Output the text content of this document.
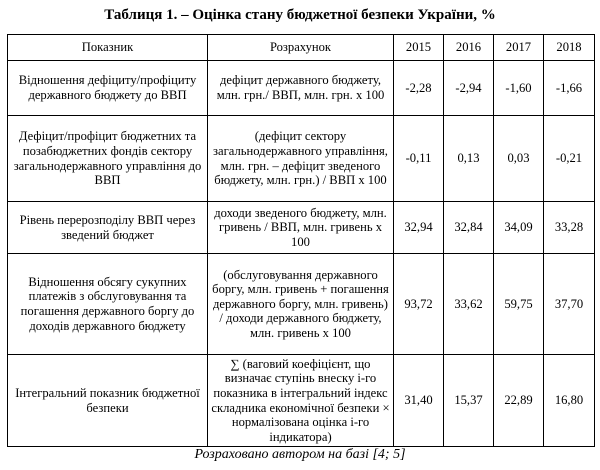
Таблиця 1. – Оцінка стану бюджетної безпеки України, %
Показник	Розрахунок	2015	2016	2017	2018
Відношення дефіциту/профіциту державного бюджету до ВВП	дефіцит державного бюджету, млн. грн./ ВВП, млн. грн. х 100	-2,28	-2,94	-1,60	-1,66
Дефіцит/профіцит бюджетних та позабюджетних фондів сектору загальнодержавного управління до ВВП	(дефіцит сектору загальнодержавного управління, млн. грн. – дефіцит зведеного бюджету, млн. грн.) / ВВП х 100	-0,11	0,13	0,03	-0,21
Рівень перерозподілу ВВП через зведений бюджет	доходи зведеного бюджету, млн. гривень / ВВП, млн. гривень х 100	32,94	32,84	34,09	33,28
Відношення обсягу сукупних платежів з обслуговування та погашення державного боргу до доходів державного бюджету	(обслуговування державного боргу, млн. гривень + погашення державного боргу, млн. гривень) / доходи державного бюджету, млн. гривень х 100	93,72	33,62	59,75	37,70
Інтегральний показник бюджетної безпеки	∑ (ваговий коефіцієнт, що визначає ступінь внеску і-го показника в інтегральний індекс складника економічної безпеки × нормалізована оцінка і-го індикатора)	31,40	15,37	22,89	16,80
Розраховано автором на базі [4; 5]
